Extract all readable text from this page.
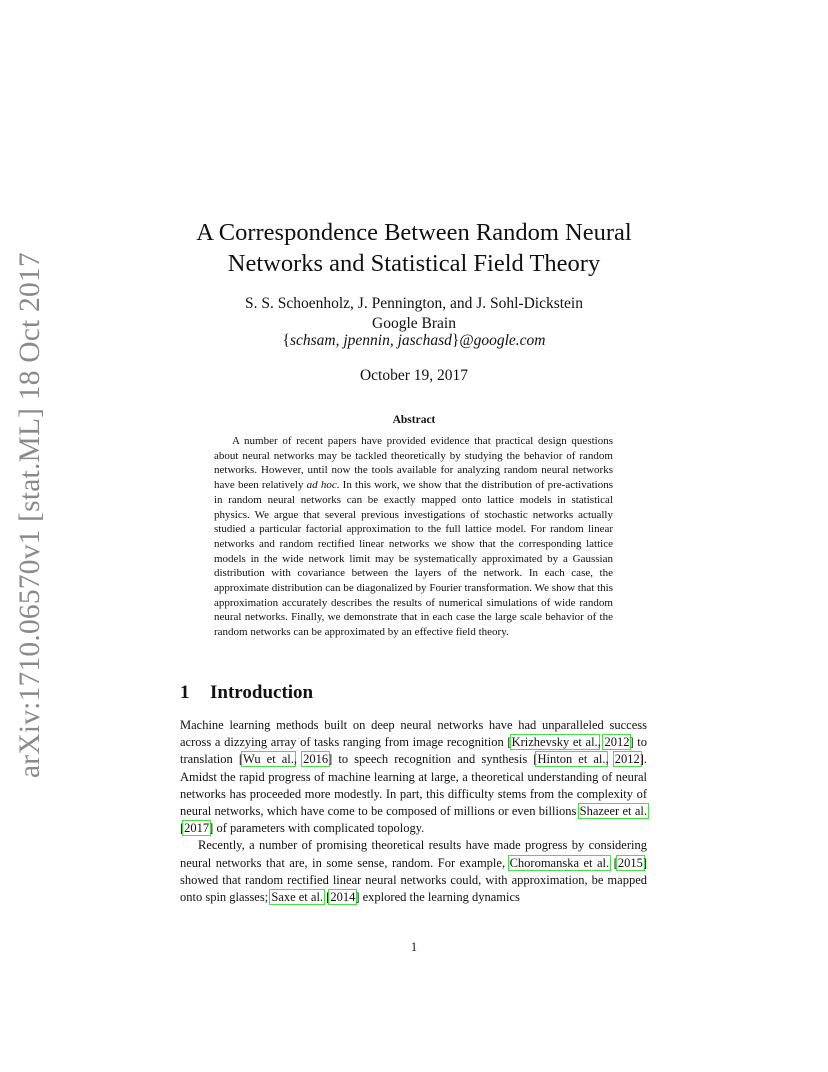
arXiv:1710.06570v1 [stat.ML] 18 Oct 2017
A Correspondence Between Random Neural
Networks and Statistical Field Theory
S. S. Schoenholz, J. Pennington, and J. Sohl-Dickstein
Google Brain
{schsam, jpennin, jaschasd}@google.com
October 19, 2017
Abstract
A number of recent papers have provided evidence that practical design questions about neural networks may be tackled theoretically by studying the behavior of random networks. However, until now the tools available for analyzing random neural networks have been relatively ad hoc. In this work, we show that the distribution of pre-activations in random neural networks can be exactly mapped onto lattice models in statistical physics. We argue that several previous investigations of stochastic networks actually studied a particular factorial approximation to the full lattice model. For random linear networks and random rectified linear networks we show that the corresponding lattice models in the wide network limit may be systematically approximated by a Gaussian distribution with covariance between the layers of the network. In each case, the approximate distribution can be diagonalized by Fourier transformation. We show that this approximation accurately describes the results of numerical simulations of wide random neural networks. Finally, we demonstrate that in each case the large scale behavior of the random networks can be approximated by an effective field theory.
1 Introduction

Machine learning methods built on deep neural networks have had unparalleled success across a dizzying array of tasks ranging from image recognition [Krizhevsky et al., 2012] to translation [Wu et al., 2016] to speech recognition and synthesis [Hinton et al., 2012]. Amidst the rapid progress of machine learning at large, a theoretical understanding of neural networks has proceeded more modestly. In part, this difficulty stems from the complexity of neural networks, which have come to be composed of millions or even billions Shazeer et al. [2017] of parameters with complicated topology.

Recently, a number of promising theoretical results have made progress by considering neural networks that are, in some sense, random. For example, Choromanska et al. [2015] showed that random rectified linear neural networks could, with approximation, be mapped onto spin glasses; Saxe et al. [2014] explored the learning dynamics

1
